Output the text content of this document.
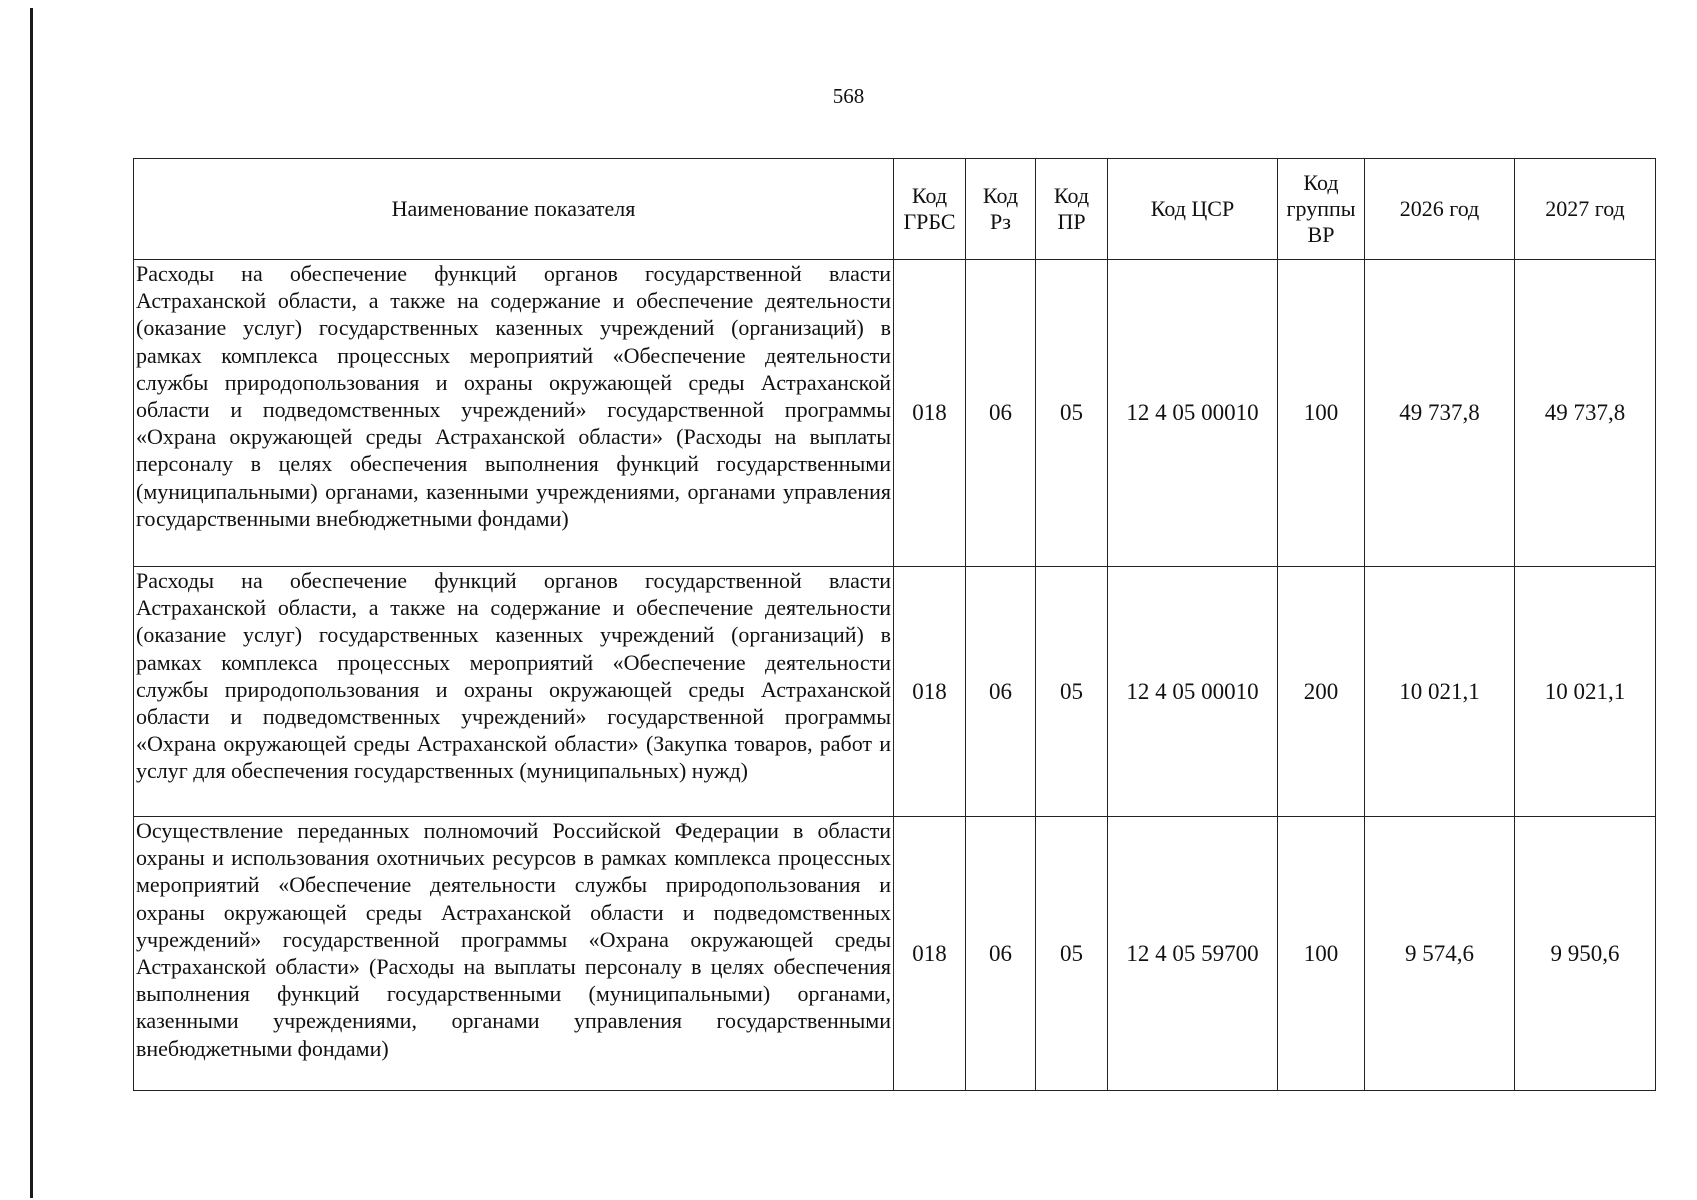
568
Наименование показателя	Код ГРБС	Код Рз	Код ПР	Код ЦСР	Код группы ВР	2026 год	2027 год
Расходы на обеспечение функций органов государственной власти Астраханской области, а также на содержание и обеспечение деятельности (оказание услуг) государственных казенных учреждений (организаций) в рамках комплекса процессных мероприятий «Обеспечение деятельности службы природопользования и охраны окружающей среды Астраханской области и подведомственных учреждений» государственной программы «Охрана окружающей среды Астраханской области» (Расходы на выплаты персоналу в целях обеспечения выполнения функций государственными (муниципальными) органами, казенными учреждениями, органами управления государственными внебюджетными фондами)	018	06	05	12 4 05 00010	100	49 737,8	49 737,8
Расходы на обеспечение функций органов государственной власти Астраханской области, а также на содержание и обеспечение деятельности (оказание услуг) государственных казенных учреждений (организаций) в рамках комплекса процессных мероприятий «Обеспечение деятельности службы природопользования и охраны окружающей среды Астраханской области и подведомственных учреждений» государственной программы «Охрана окружающей среды Астраханской области» (Закупка товаров, работ и услуг для обеспечения государственных (муниципальных) нужд)	018	06	05	12 4 05 00010	200	10 021,1	10 021,1
Осуществление переданных полномочий Российской Федерации в области охраны и использования охотничьих ресурсов в рамках комплекса процессных мероприятий «Обеспечение деятельности службы природопользования и охраны окружающей среды Астраханской области и подведомственных учреждений» государственной программы «Охрана окружающей среды Астраханской области» (Расходы на выплаты персоналу в целях обеспечения выполнения функций государственными (муниципальными) органами, казенными учреждениями, органами управления государственными внебюджетными фондами)	018	06	05	12 4 05 59700	100	9 574,6	9 950,6
